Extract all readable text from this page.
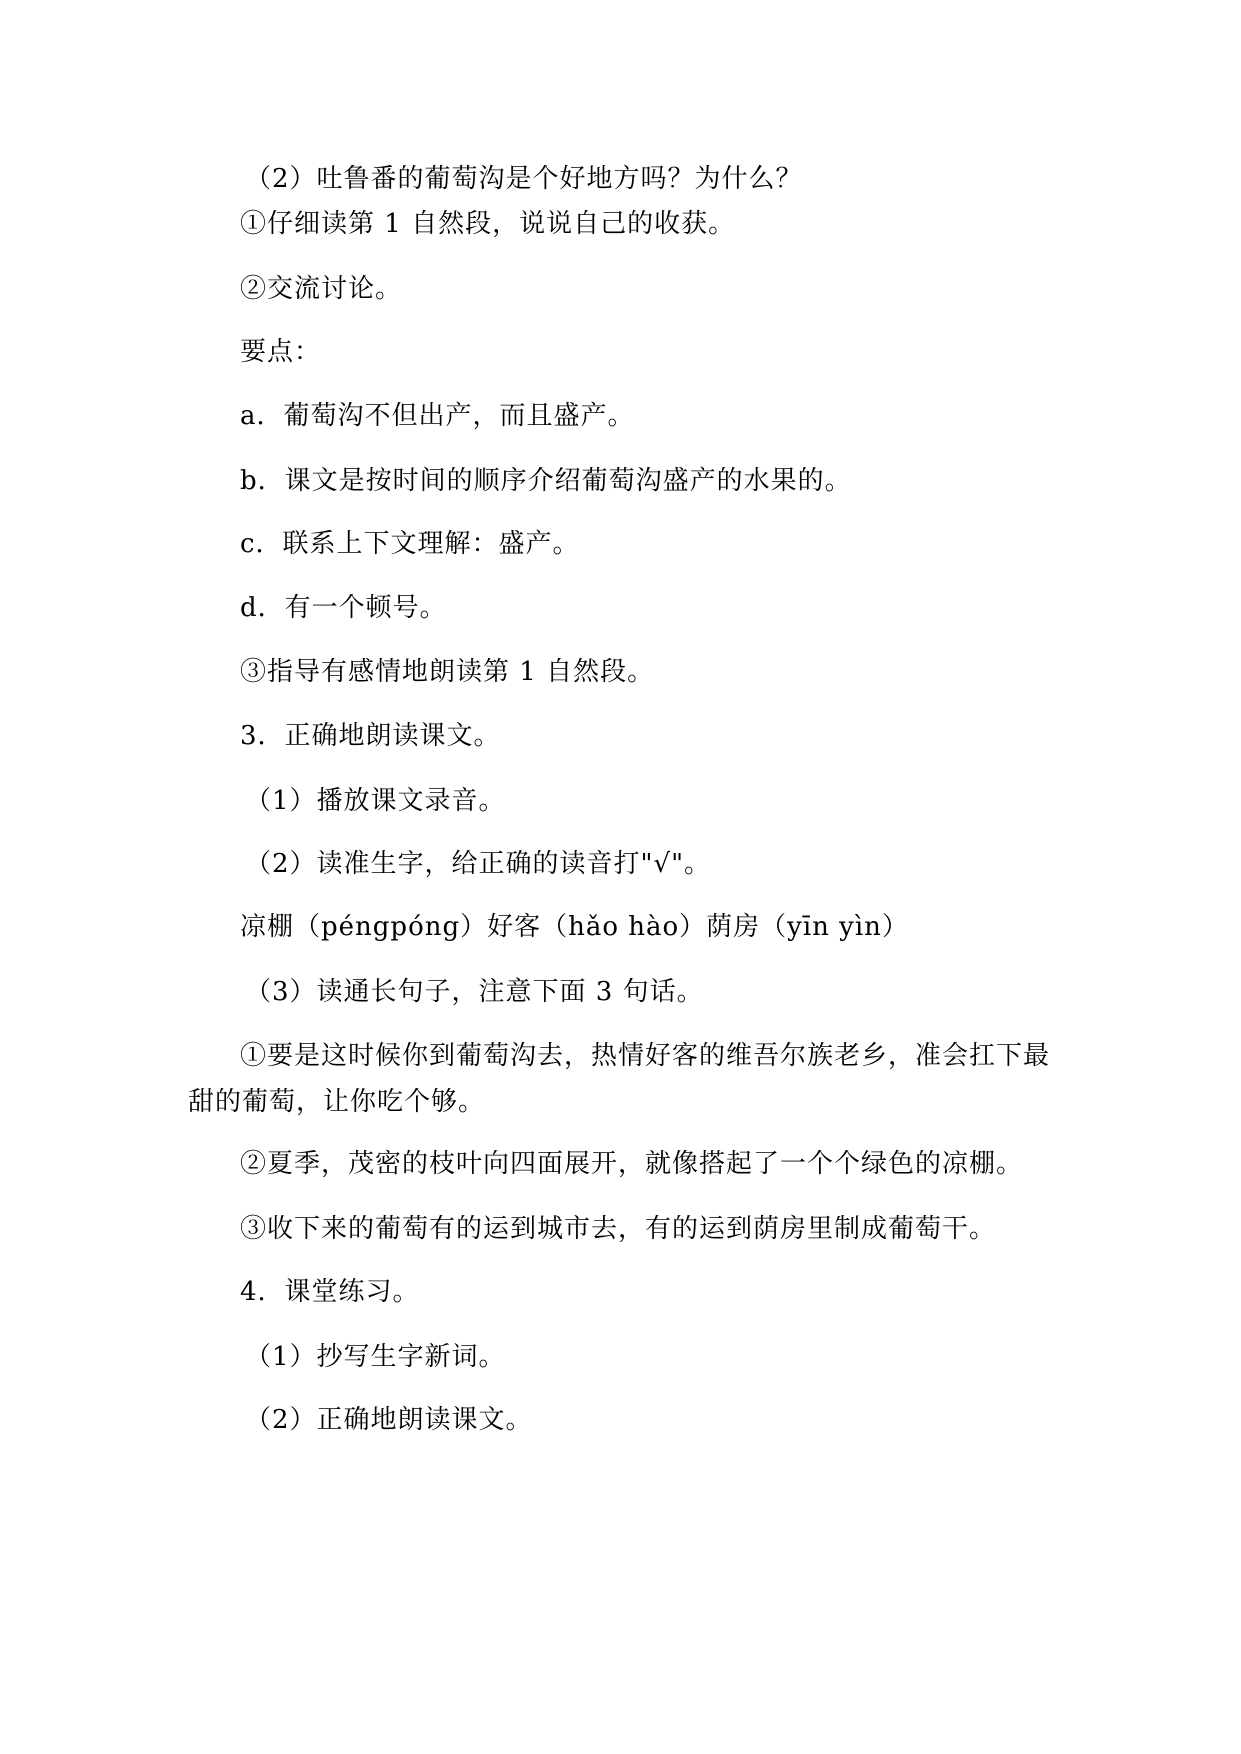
（2）吐鲁番的葡萄沟是个好地方吗？为什么？
①仔细读第 1 自然段，说说自己的收获。
②交流讨论。
要点：
a．葡萄沟不但出产，而且盛产。
b．课文是按时间的顺序介绍葡萄沟盛产的水果的。
c．联系上下文理解：盛产。
d．有一个顿号。
③指导有感情地朗读第 1 自然段。
3．正确地朗读课文。
（1）播放课文录音。
（2）读准生字，给正确的读音打"√"。
凉棚（péngpóng）好客（hǎo hào）荫房（yīn yìn）
（3）读通长句子，注意下面 3 句话。
①要是这时候你到葡萄沟去，热情好客的维吾尔族老乡，准会扛下最甜的葡萄，让你吃个够。
②夏季，茂密的枝叶向四面展开，就像搭起了一个个绿色的凉棚。
③收下来的葡萄有的运到城市去，有的运到荫房里制成葡萄干。
4．课堂练习。
（1）抄写生字新词。
（2）正确地朗读课文。
